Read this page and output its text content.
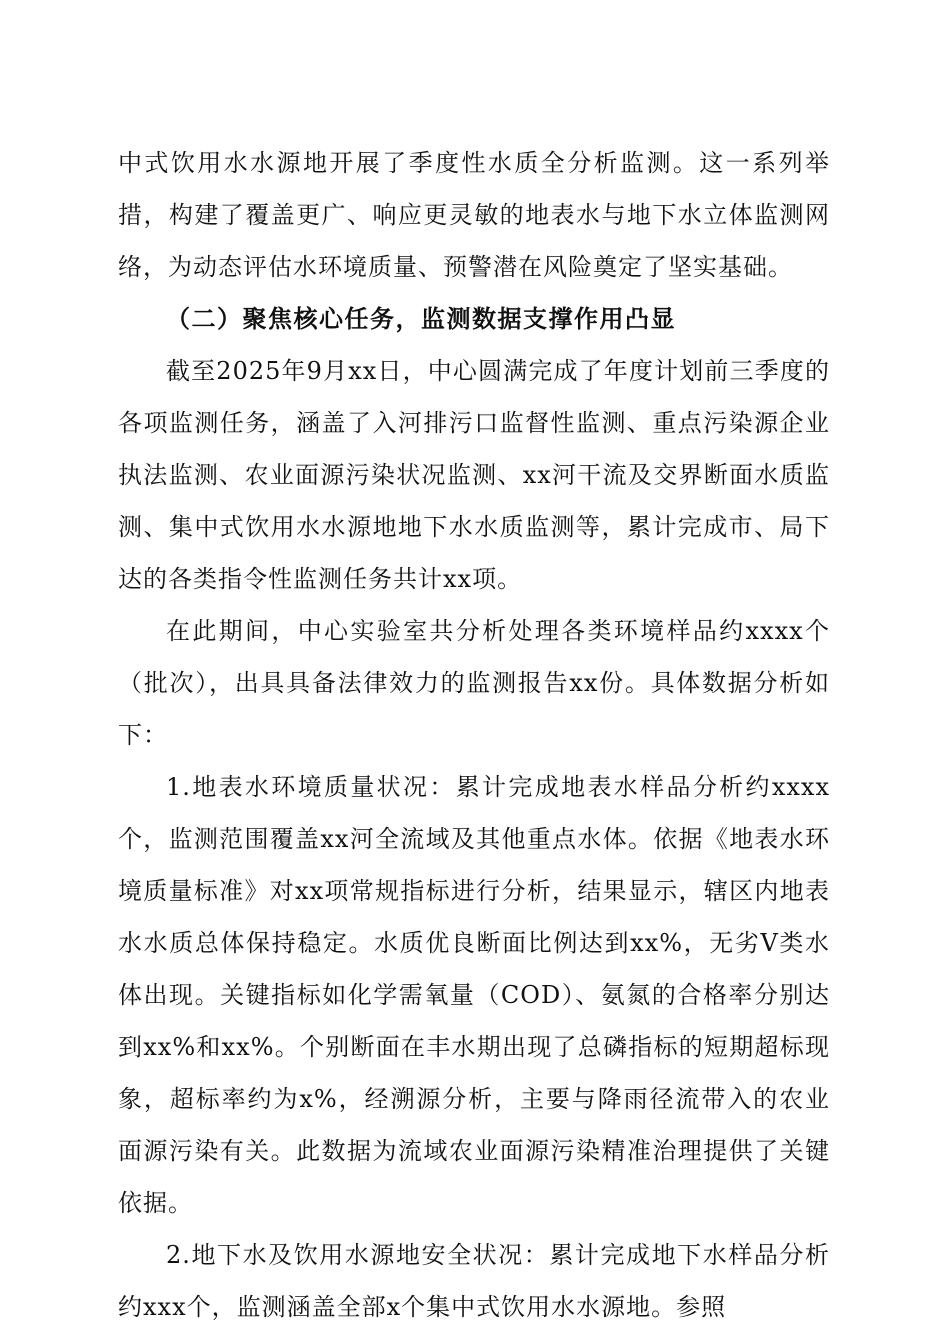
中式饮用水水源地开展了季度性水质全分析监测。这一系列举措，构建了覆盖更广、响应更灵敏的地表水与地下水立体监测网络，为动态评估水环境质量、预警潜在风险奠定了坚实基础。

（二）聚焦核心任务，监测数据支撑作用凸显

截至2025年9月xx日，中心圆满完成了年度计划前三季度的各项监测任务，涵盖了入河排污口监督性监测、重点污染源企业执法监测、农业面源污染状况监测、xx河干流及交界断面水质监测、集中式饮用水水源地地下水水质监测等，累计完成市、局下达的各类指令性监测任务共计xx项。

在此期间，中心实验室共分析处理各类环境样品约xxxx个（批次），出具具备法律效力的监测报告xx份。具体数据分析如下：

1.地表水环境质量状况：累计完成地表水样品分析约xxxx个，监测范围覆盖xx河全流域及其他重点水体。依据《地表水环境质量标准》对xx项常规指标进行分析，结果显示，辖区内地表水水质总体保持稳定。水质优良断面比例达到xx%，无劣Ⅴ类水体出现。关键指标如化学需氧量（COD）、氨氮的合格率分别达到xx%和xx%。个别断面在丰水期出现了总磷指标的短期超标现象，超标率约为x%，经溯源分析，主要与降雨径流带入的农业面源污染有关。此数据为流域农业面源污染精准治理提供了关键依据。

2.地下水及饮用水源地安全状况：累计完成地下水样品分析约xxx个，监测涵盖全部x个集中式饮用水水源地。参照
